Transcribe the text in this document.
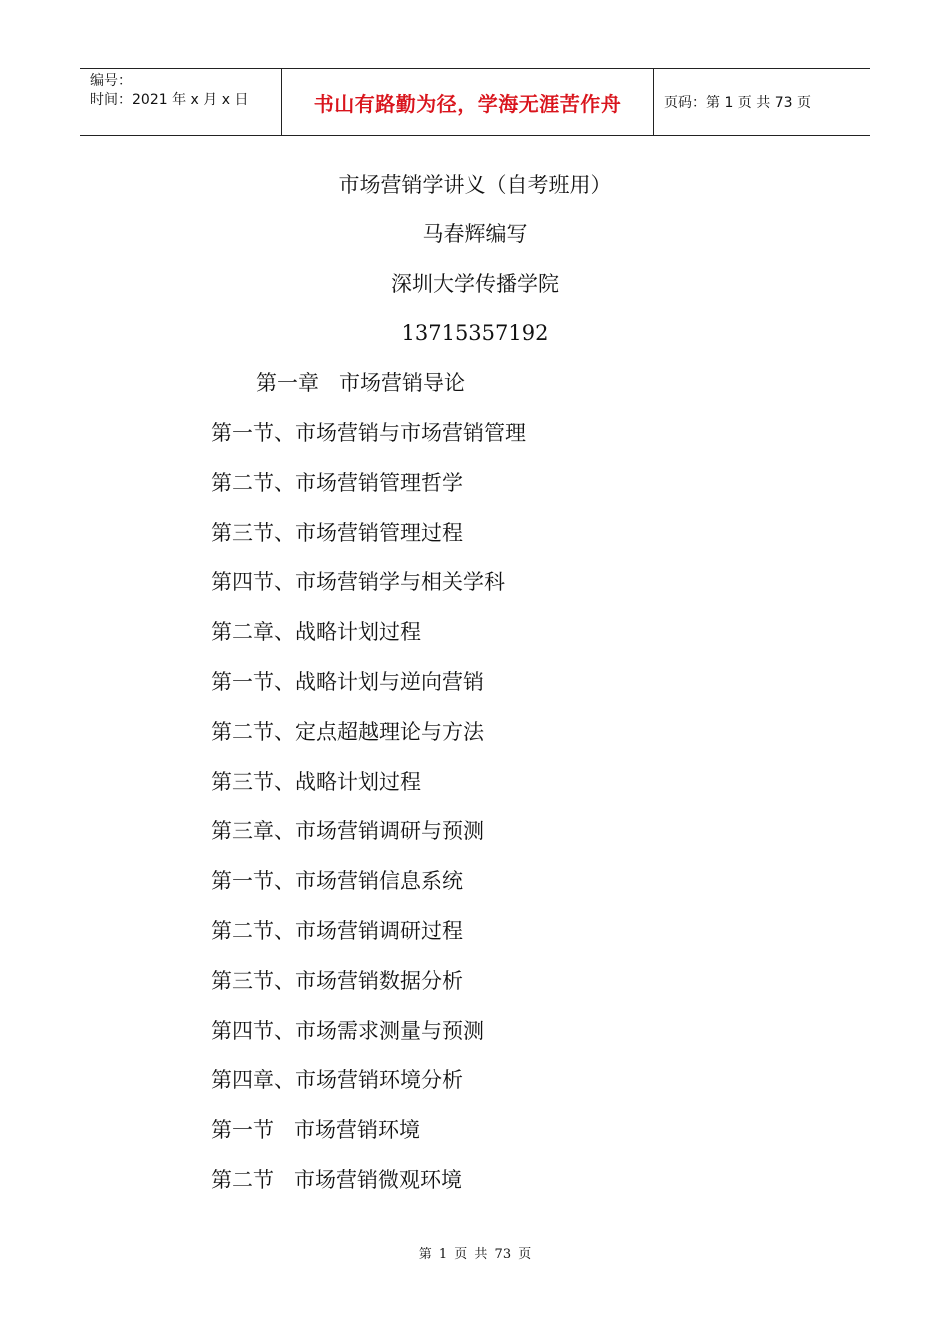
编号：
时间：2021 年 x 月 x 日	书山有路勤为径，学海无涯苦作舟	页码：第 1 页 共 73 页
市场营销学讲义（自考班用）
马春辉编写
深圳大学传播学院
13715357192
第一章   市场营销导论
第一节、市场营销与市场营销管理
第二节、市场营销管理哲学
第三节、市场营销管理过程
第四节、市场营销学与相关学科
第二章、战略计划过程
第一节、战略计划与逆向营销
第二节、定点超越理论与方法
第三节、战略计划过程
第三章、市场营销调研与预测
第一节、市场营销信息系统
第二节、市场营销调研过程
第三节、市场营销数据分析
第四节、市场需求测量与预测
第四章、市场营销环境分析
第一节   市场营销环境
第二节   市场营销微观环境
第 1 页 共 73 页
